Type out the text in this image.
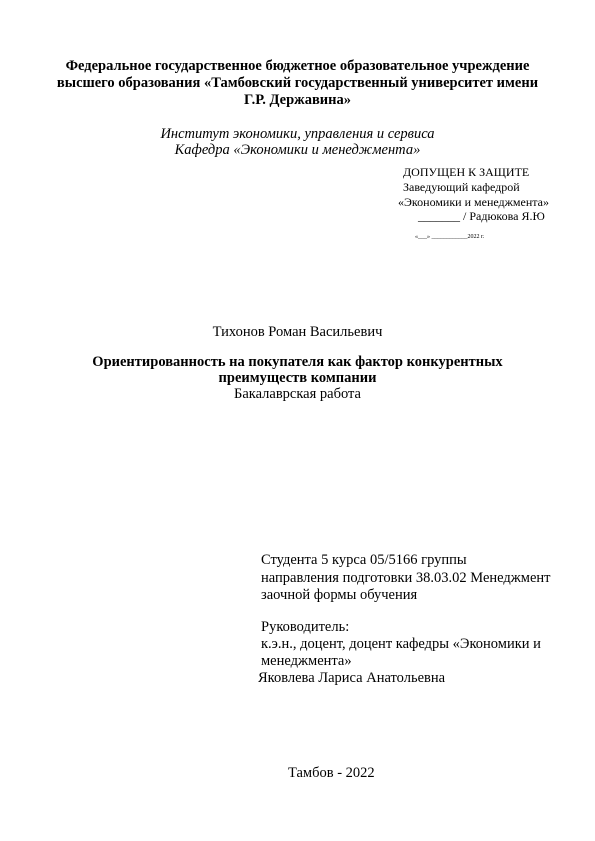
Федеральное государственное бюджетное образовательное учреждение
высшего образования «Тамбовский государственный университет имени
Г.Р. Державина»
Институт экономики, управления и сервиса
Кафедра «Экономики и менеджмента»
ДОПУЩЕН К ЗАЩИТЕ
Заведующий кафедрой
«Экономики и менеджмента»
_______ / Радюкова Я.Ю
«___» ____________2022 г.
Тихонов Роман Васильевич
Ориентированность на покупателя как фактор конкурентных
преимуществ компании
Бакалаврская работа
Студента 5 курса 05/5166 группы
направления подготовки 38.03.02 Менеджмент
заочной формы обучения
Руководитель:
к.э.н., доцент, доцент кафедры «Экономики и
менеджмента»
Яковлева Лариса Анатольевна
Тамбов - 2022
